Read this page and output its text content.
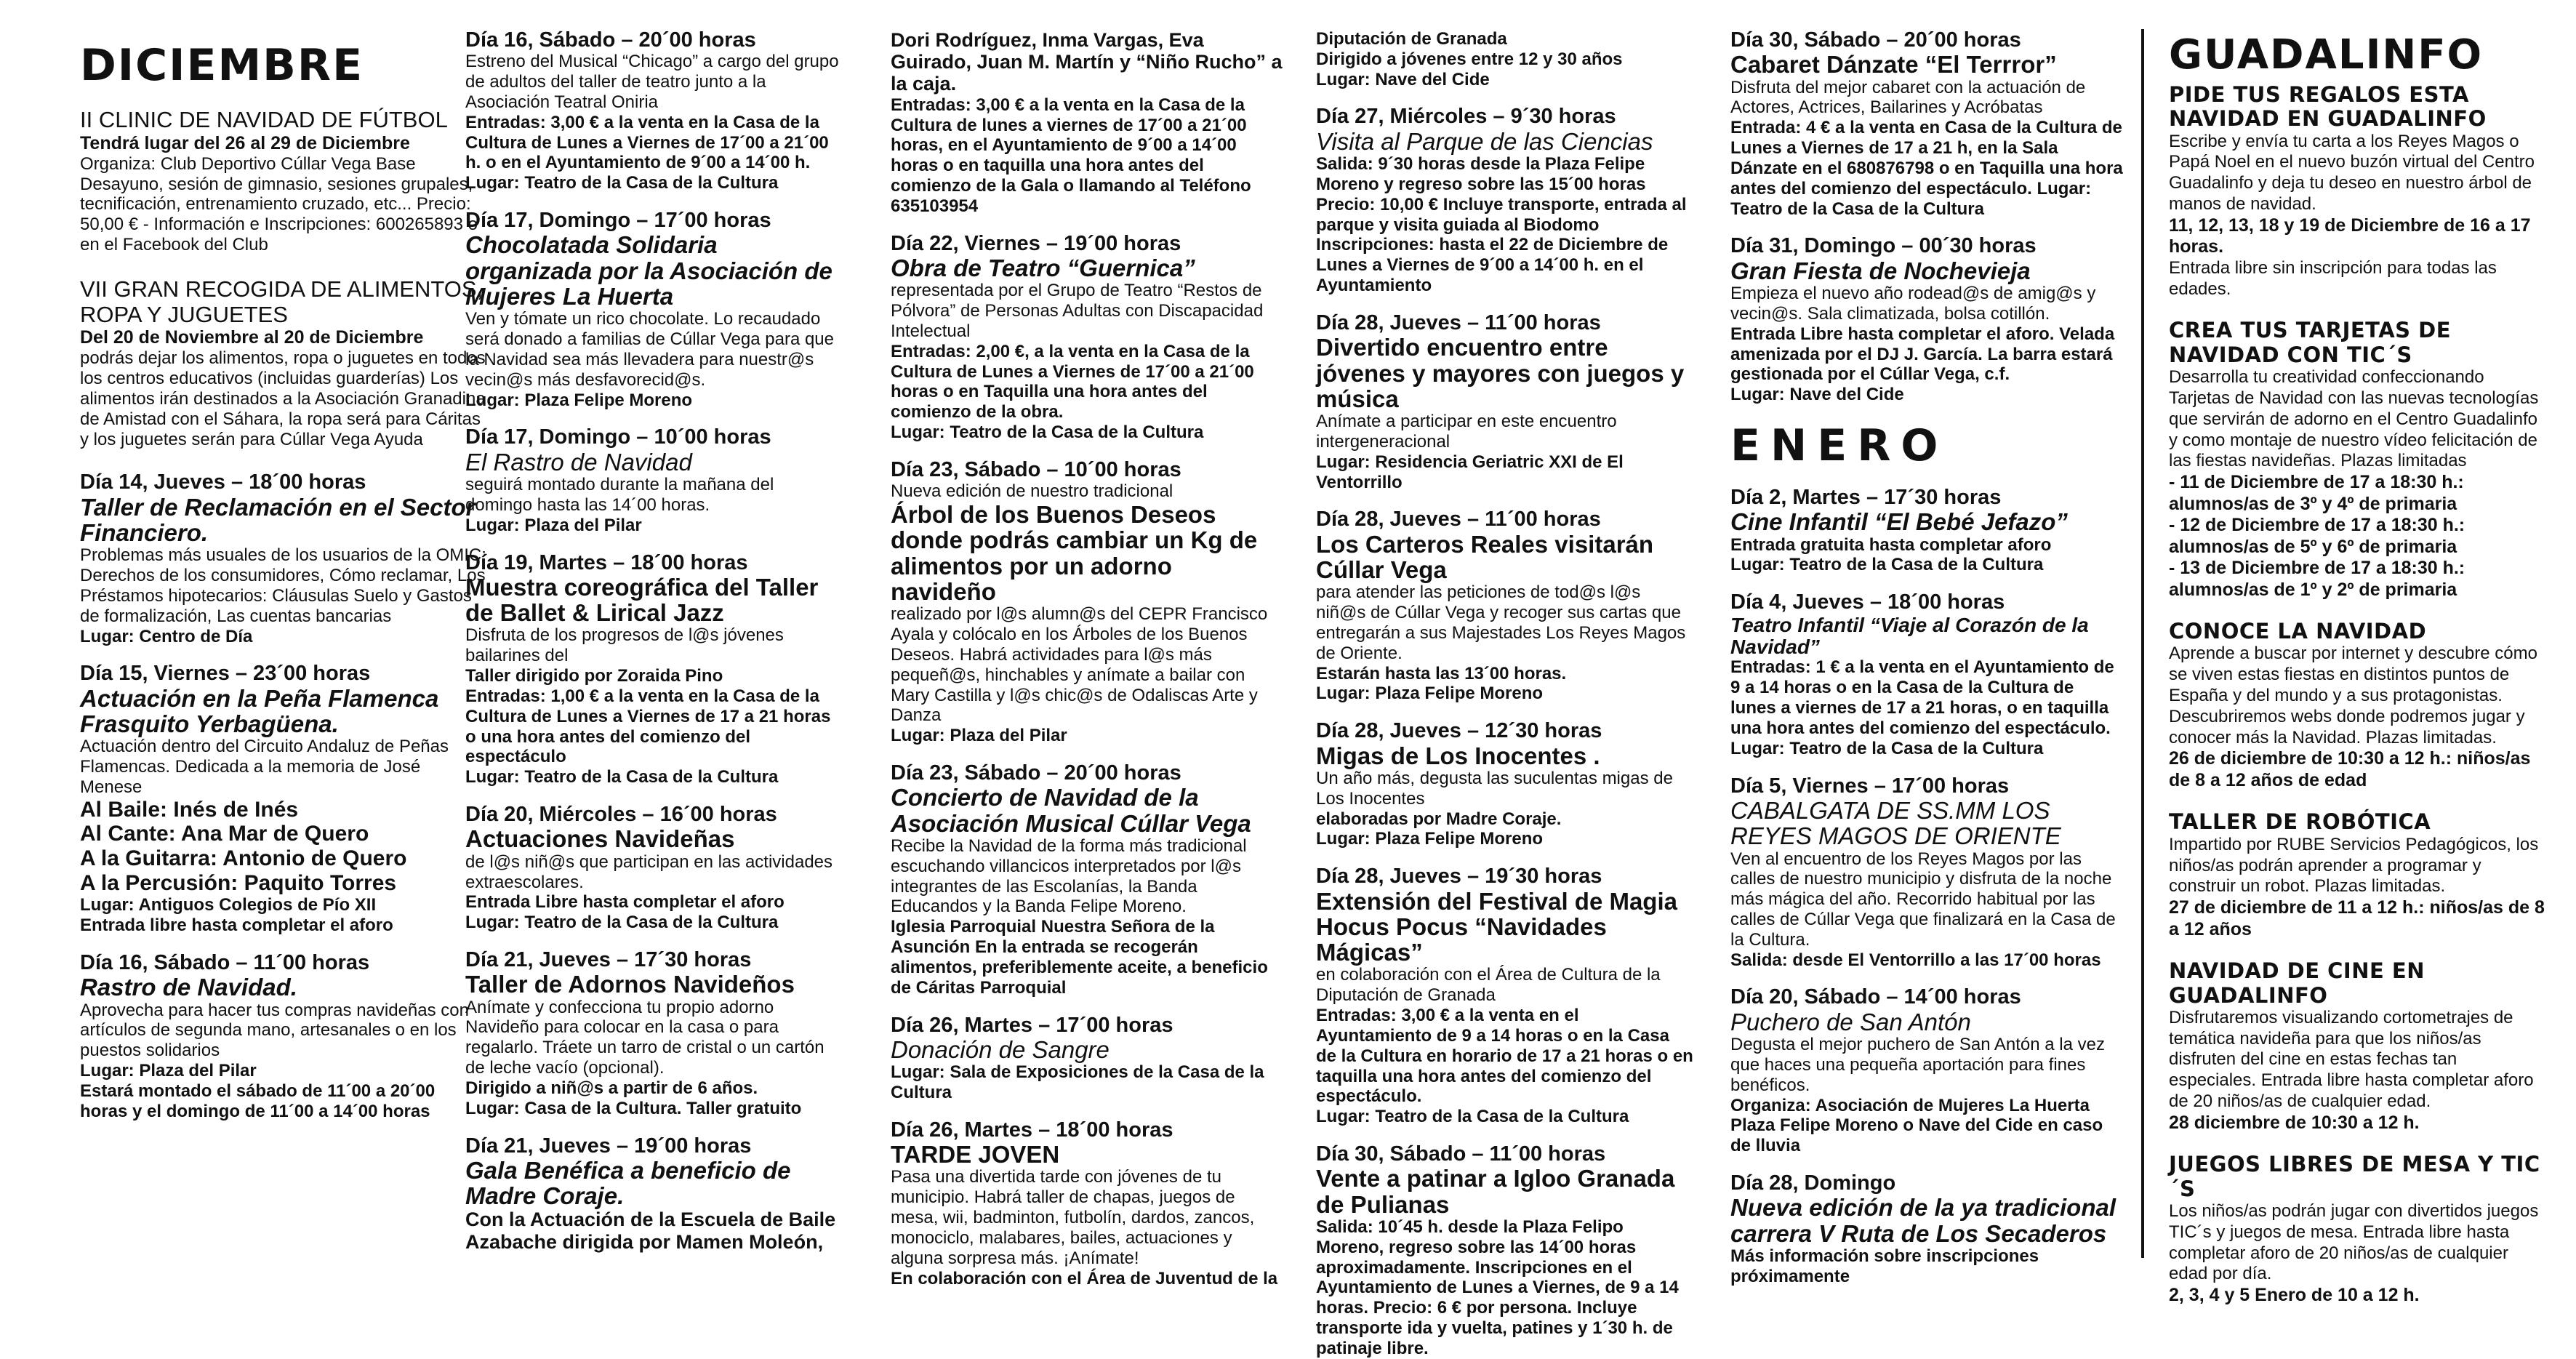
DICIEMBRE

II CLINIC DE NAVIDAD DE FÚTBOL

Tendrá lugar del 26 al 29 de Diciembre

Organiza: Club Deportivo Cúllar Vega Base Desayuno, sesión de gimnasio, sesiones grupales, tecnificación, entrenamiento cruzado, etc... Precio: 50,00 € - Información e Inscripciones: 600265893 o en el Facebook del Club

VII GRAN RECOGIDA DE ALIMENTOS, ROPA Y JUGUETES

Del 20 de Noviembre al 20 de Diciembre

podrás dejar los alimentos, ropa o juguetes en todos los centros educativos (incluidas guarderías) Los alimentos irán destinados a la Asociación Granadina de Amistad con el Sáhara, la ropa será para Cáritas y los juguetes serán para Cúllar Vega Ayuda

Día 14, Jueves – 18´00 horas

Taller de Reclamación en el Sector Financiero.

Problemas más usuales de los usuarios de la OMIC: Derechos de los consumidores, Cómo reclamar, Los Préstamos hipotecarios: Cláusulas Suelo y Gastos de formalización, Las cuentas bancarias

Lugar: Centro de Día

Día 15, Viernes – 23´00 horas

Actuación en la Peña Flamenca Frasquito Yerbagüena.

Actuación dentro del Circuito Andaluz de Peñas Flamencas. Dedicada a la memoria de José Menese

Al Baile: Inés de Inés

Al Cante: Ana Mar de Quero

A la Guitarra: Antonio de Quero

A la Percusión: Paquito Torres

Lugar: Antiguos Colegios de Pío XII

Entrada libre hasta completar el aforo

Día 16, Sábado – 11´00 horas

Rastro de Navidad.

Aprovecha para hacer tus compras navideñas con artículos de segunda mano, artesanales o en los puestos solidarios

Lugar: Plaza del Pilar

Estará montado el sábado de 11´00 a 20´00 horas y el domingo de 11´00 a 14´00 horas

Día 16, Sábado – 20´00 horas

Estreno del Musical “Chicago” a cargo del grupo de adultos del taller de teatro junto a la Asociación Teatral Oniria

Entradas: 3,00 € a la venta en la Casa de la Cultura de Lunes a Viernes de 17´00 a 21´00 h. o en el Ayuntamiento de 9´00 a 14´00 h.

Lugar: Teatro de la Casa de la Cultura

Día 17, Domingo – 17´00 horas

Chocolatada Solidaria organizada por la Asociación de Mujeres La Huerta

Ven y tómate un rico chocolate. Lo recaudado será donado a familias de Cúllar Vega para que la Navidad sea más llevadera para nuestr@s vecin@s más desfavorecid@s.

Lugar: Plaza Felipe Moreno

Día 17, Domingo – 10´00 horas

El Rastro de Navidad

seguirá montado durante la mañana del domingo hasta las 14´00 horas.

Lugar: Plaza del Pilar

Día 19, Martes – 18´00 horas

Muestra coreográfica del Taller de Ballet & Lirical Jazz

Disfruta de los progresos de l@s jóvenes bailarines del

Taller dirigido por Zoraida Pino

Entradas: 1,00 € a la venta en la Casa de la Cultura de Lunes a Viernes de 17 a 21 horas o una hora antes del comienzo del espectáculo

Lugar: Teatro de la Casa de la Cultura

Día 20, Miércoles – 16´00 horas

Actuaciones Navideñas

de l@s niñ@s que participan en las actividades extraescolares.

Entrada Libre hasta completar el aforo

Lugar: Teatro de la Casa de la Cultura

Día 21, Jueves – 17´30 horas

Taller de Adornos Navideños

Anímate y confecciona tu propio adorno Navideño para colocar en la casa o para regalarlo. Tráete un tarro de cristal o un cartón de leche vacío (opcional).

Dirigido a niñ@s a partir de 6 años.

Lugar: Casa de la Cultura. Taller gratuito

Día 21, Jueves – 19´00 horas

Gala Benéfica a beneficio de Madre Coraje.

Con la Actuación de la Escuela de Baile Azabache dirigida por Mamen Moleón,

Dori Rodríguez, Inma Vargas, Eva Guirado, Juan M. Martín y “Niño Rucho” a la caja.

Entradas: 3,00 € a la venta en la Casa de la Cultura de lunes a viernes de 17´00 a 21´00 horas, en el Ayuntamiento de 9´00 a 14´00 horas o en taquilla una hora antes del comienzo de la Gala o llamando al Teléfono 635103954

Día 22, Viernes – 19´00 horas

Obra de Teatro “Guernica”

representada por el Grupo de Teatro “Restos de Pólvora” de Personas Adultas con Discapacidad Intelectual

Entradas: 2,00 €, a la venta en la Casa de la Cultura de Lunes a Viernes de 17´00 a 21´00 horas o en Taquilla una hora antes del comienzo de la obra.

Lugar: Teatro de la Casa de la Cultura

Día 23, Sábado – 10´00 horas

Nueva edición de nuestro tradicional

Árbol de los Buenos Deseos donde podrás cambiar un Kg de alimentos por un adorno navideño

realizado por l@s alumn@s del CEPR Francisco Ayala y colócalo en los Árboles de los Buenos Deseos. Habrá actividades para l@s más pequeñ@s, hinchables y anímate a bailar con Mary Castilla y l@s chic@s de Odaliscas Arte y Danza

Lugar: Plaza del Pilar

Día 23, Sábado – 20´00 horas

Concierto de Navidad de la Asociación Musical Cúllar Vega

Recibe la Navidad de la forma más tradicional escuchando villancicos interpretados por l@s integrantes de las Escolanías, la Banda Educandos y la Banda Felipe Moreno.

Iglesia Parroquial Nuestra Señora de la Asunción En la entrada se recogerán alimentos, preferiblemente aceite, a beneficio de Cáritas Parroquial

Día 26, Martes – 17´00 horas

Donación de Sangre

Lugar: Sala de Exposiciones de la Casa de la Cultura

Día 26, Martes – 18´00 horas

TARDE JOVEN

Pasa una divertida tarde con jóvenes de tu municipio. Habrá taller de chapas, juegos de mesa, wii, badminton, futbolín, dardos, zancos, monociclo, malabares, bailes, actuaciones y alguna sorpresa más. ¡Anímate!

En colaboración con el Área de Juventud de la

Diputación de Granada

Dirigido a jóvenes entre 12 y 30 años

Lugar: Nave del Cide

Día 27, Miércoles – 9´30 horas

Visita al Parque de las Ciencias

Salida: 9´30 horas desde la Plaza Felipe Moreno y regreso sobre las 15´00 horas

Precio: 10,00 € Incluye transporte, entrada al parque y visita guiada al Biodomo

Inscripciones: hasta el 22 de Diciembre de Lunes a Viernes de 9´00 a 14´00 h. en el Ayuntamiento

Día 28, Jueves – 11´00 horas

Divertido encuentro entre jóvenes y mayores con juegos y música

Anímate a participar en este encuentro intergeneracional

Lugar: Residencia Geriatric XXI de El Ventorrillo

Día 28, Jueves – 11´00 horas

Los Carteros Reales visitarán Cúllar Vega

para atender las peticiones de tod@s l@s niñ@s de Cúllar Vega y recoger sus cartas que entregarán a sus Majestades Los Reyes Magos de Oriente.

Estarán hasta las 13´00 horas.

Lugar: Plaza Felipe Moreno

Día 28, Jueves – 12´30 horas

Migas de Los Inocentes .

Un año más, degusta las suculentas migas de Los Inocentes

elaboradas por Madre Coraje.

Lugar: Plaza Felipe Moreno

Día 28, Jueves – 19´30 horas

Extensión del Festival de Magia Hocus Pocus “Navidades Mágicas”

en colaboración con el Área de Cultura de la Diputación de Granada

Entradas: 3,00 € a la venta en el Ayuntamiento de 9 a 14 horas o en la Casa de la Cultura en horario de 17 a 21 horas o en taquilla una hora antes del comienzo del espectáculo.

Lugar: Teatro de la Casa de la Cultura

Día 30, Sábado – 11´00 horas

Vente a patinar a Igloo Granada de Pulianas

Salida: 10´45 h. desde la Plaza Felipo Moreno, regreso sobre las 14´00 horas aproximadamente. Inscripciones en el Ayuntamiento de Lunes a Viernes, de 9 a 14 horas. Precio: 6 € por persona. Incluye transporte ida y vuelta, patines y 1´30 h. de patinaje libre.

Día 30, Sábado – 20´00 horas

Cabaret Dánzate “El Terrror”

Disfruta del mejor cabaret con la actuación de Actores, Actrices, Bailarines y Acróbatas

Entrada: 4 € a la venta en Casa de la Cultura de Lunes a Viernes de 17 a 21 h, en la Sala Dánzate en el 680876798 o en Taquilla una hora antes del comienzo del espectáculo. Lugar: Teatro de la Casa de la Cultura

Día 31, Domingo – 00´30 horas

Gran Fiesta de Nochevieja

Empieza el nuevo año rodead@s de amig@s y vecin@s. Sala climatizada, bolsa cotillón.

Entrada Libre hasta completar el aforo. Velada amenizada por el DJ J. García. La barra estará gestionada por el Cúllar Vega, c.f.

Lugar: Nave del Cide

ENERO

Día 2, Martes – 17´30 horas

Cine Infantil “El Bebé Jefazo”

Entrada gratuita hasta completar aforo

Lugar: Teatro de la Casa de la Cultura

Día 4, Jueves – 18´00 horas

Teatro Infantil “Viaje al Corazón de la Navidad”

Entradas: 1 € a la venta en el Ayuntamiento de 9 a 14 horas o en la Casa de la Cultura de lunes a viernes de 17 a 21 horas, o en taquilla una hora antes del comienzo del espectáculo.

Lugar: Teatro de la Casa de la Cultura

Día 5, Viernes – 17´00 horas

CABALGATA DE SS.MM LOS REYES MAGOS DE ORIENTE

Ven al encuentro de los Reyes Magos por las calles de nuestro municipio y disfruta de la noche más mágica del año. Recorrido habitual por las calles de Cúllar Vega que finalizará en la Casa de la Cultura.

Salida: desde El Ventorrillo a las 17´00 horas

Día 20, Sábado – 14´00 horas

Puchero de San Antón

Degusta el mejor puchero de San Antón a la vez que haces una pequeña aportación para fines benéficos.

Organiza: Asociación de Mujeres La Huerta Plaza Felipe Moreno o Nave del Cide en caso de lluvia

Día 28, Domingo

Nueva edición de la ya tradicional carrera V Ruta de Los Secaderos

Más información sobre inscripciones próximamente

GUADALINFO

PIDE TUS REGALOS ESTA NAVIDAD EN GUADALINFO

Escribe y envía tu carta a los Reyes Magos o Papá Noel en el nuevo buzón virtual del Centro Guadalinfo y deja tu deseo en nuestro árbol de manos de navidad.

11, 12, 13, 18 y 19 de Diciembre de 16 a 17 horas.

Entrada libre sin inscripción para todas las edades.

CREA TUS TARJETAS DE NAVIDAD CON TIC´S

Desarrolla tu creatividad confeccionando Tarjetas de Navidad con las nuevas tecnologías que servirán de adorno en el Centro Guadalinfo y como montaje de nuestro vídeo felicitación de las fiestas navideñas. Plazas limitadas

- 11 de Diciembre de 17 a 18:30 h.: alumnos/as de 3º y 4º de primaria

- 12 de Diciembre de 17 a 18:30 h.: alumnos/as de 5º y 6º de primaria

- 13 de Diciembre de 17 a 18:30 h.: alumnos/as de 1º y 2º de primaria

CONOCE LA NAVIDAD

Aprende a buscar por internet y descubre cómo se viven estas fiestas en distintos puntos de España y del mundo y a sus protagonistas. Descubriremos webs donde podremos jugar y conocer más la Navidad. Plazas limitadas.

26 de diciembre de 10:30 a 12 h.: niños/as de 8 a 12 años de edad

TALLER DE ROBÓTICA

Impartido por RUBE Servicios Pedagógicos, los niños/as podrán aprender a programar y construir un robot. Plazas limitadas.

27 de diciembre de 11 a 12 h.: niños/as de 8 a 12 años

NAVIDAD DE CINE EN GUADALINFO

Disfrutaremos visualizando cortometrajes de temática navideña para que los niños/as disfruten del cine en estas fechas tan especiales. Entrada libre hasta completar aforo de 20 niños/as de cualquier edad.

28 diciembre de 10:30 a 12 h.

JUEGOS LIBRES DE MESA Y TIC´S

Los niños/as podrán jugar con divertidos juegos TIC´s y juegos de mesa. Entrada libre hasta completar aforo de 20 niños/as de cualquier edad por día.

2, 3, 4 y 5 Enero de 10 a 12 h.
